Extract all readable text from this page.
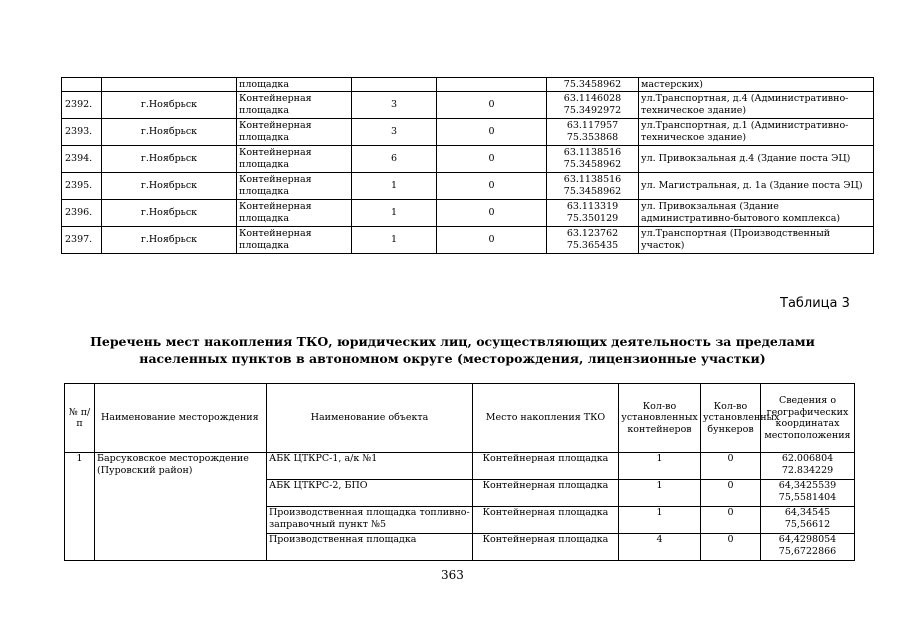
		площадка			75.3458962	мастерских)
2392.	г.Ноябрьск	Контейнерная площадка	3	0	63.1146028 75.3492972	ул.Транспортная, д.4 (Административно-техническое здание)
2393.	г.Ноябрьск	Контейнерная площадка	3	0	63.117957 75.353868	ул.Транспортная, д.1 (Административно-техническое здание)
2394.	г.Ноябрьск	Контейнерная площадка	6	0	63.1138516 75.3458962	ул. Привокзальная д.4 (Здание поста ЭЦ)
2395.	г.Ноябрьск	Контейнерная площадка	1	0	63.1138516 75.3458962	ул. Магистральная, д. 1а (Здание поста ЭЦ)
2396.	г.Ноябрьск	Контейнерная площадка	1	0	63.113319 75.350129	ул. Привокзальная (Здание административно-бытового комплекса)
2397.	г.Ноябрьск	Контейнерная площадка	1	0	63.123762 75.365435	ул.Транспортная (Производственный участок)
Таблица 3
Перечень мест накопления ТКО, юридических лиц, осуществляющих деятельность за пределами населенных пунктов в автономном округе (месторождения, лицензионные участки)
№ п/п	Наименование месторождения	Наименование объекта	Место накопления ТКО	Кол-во установленных контейнеров	Кол-во установленных бункеров	Сведения о географических координатах местоположения
1	Барсуковское месторождение (Пуровский район)	АБК ЦТКРС-1, а/к №1	Контейнерная площадка	1	0	62.006804 72.834229
		АБК ЦТКРС-2, БПО	Контейнерная площадка	1	0	64,3425539 75,5581404
		Производственная площадка топливно-заправочный пункт №5	Контейнерная площадка	1	0	64,34545 75,56612
		Производственная площадка	Контейнерная площадка	4	0	64,4298054 75,6722866
363
